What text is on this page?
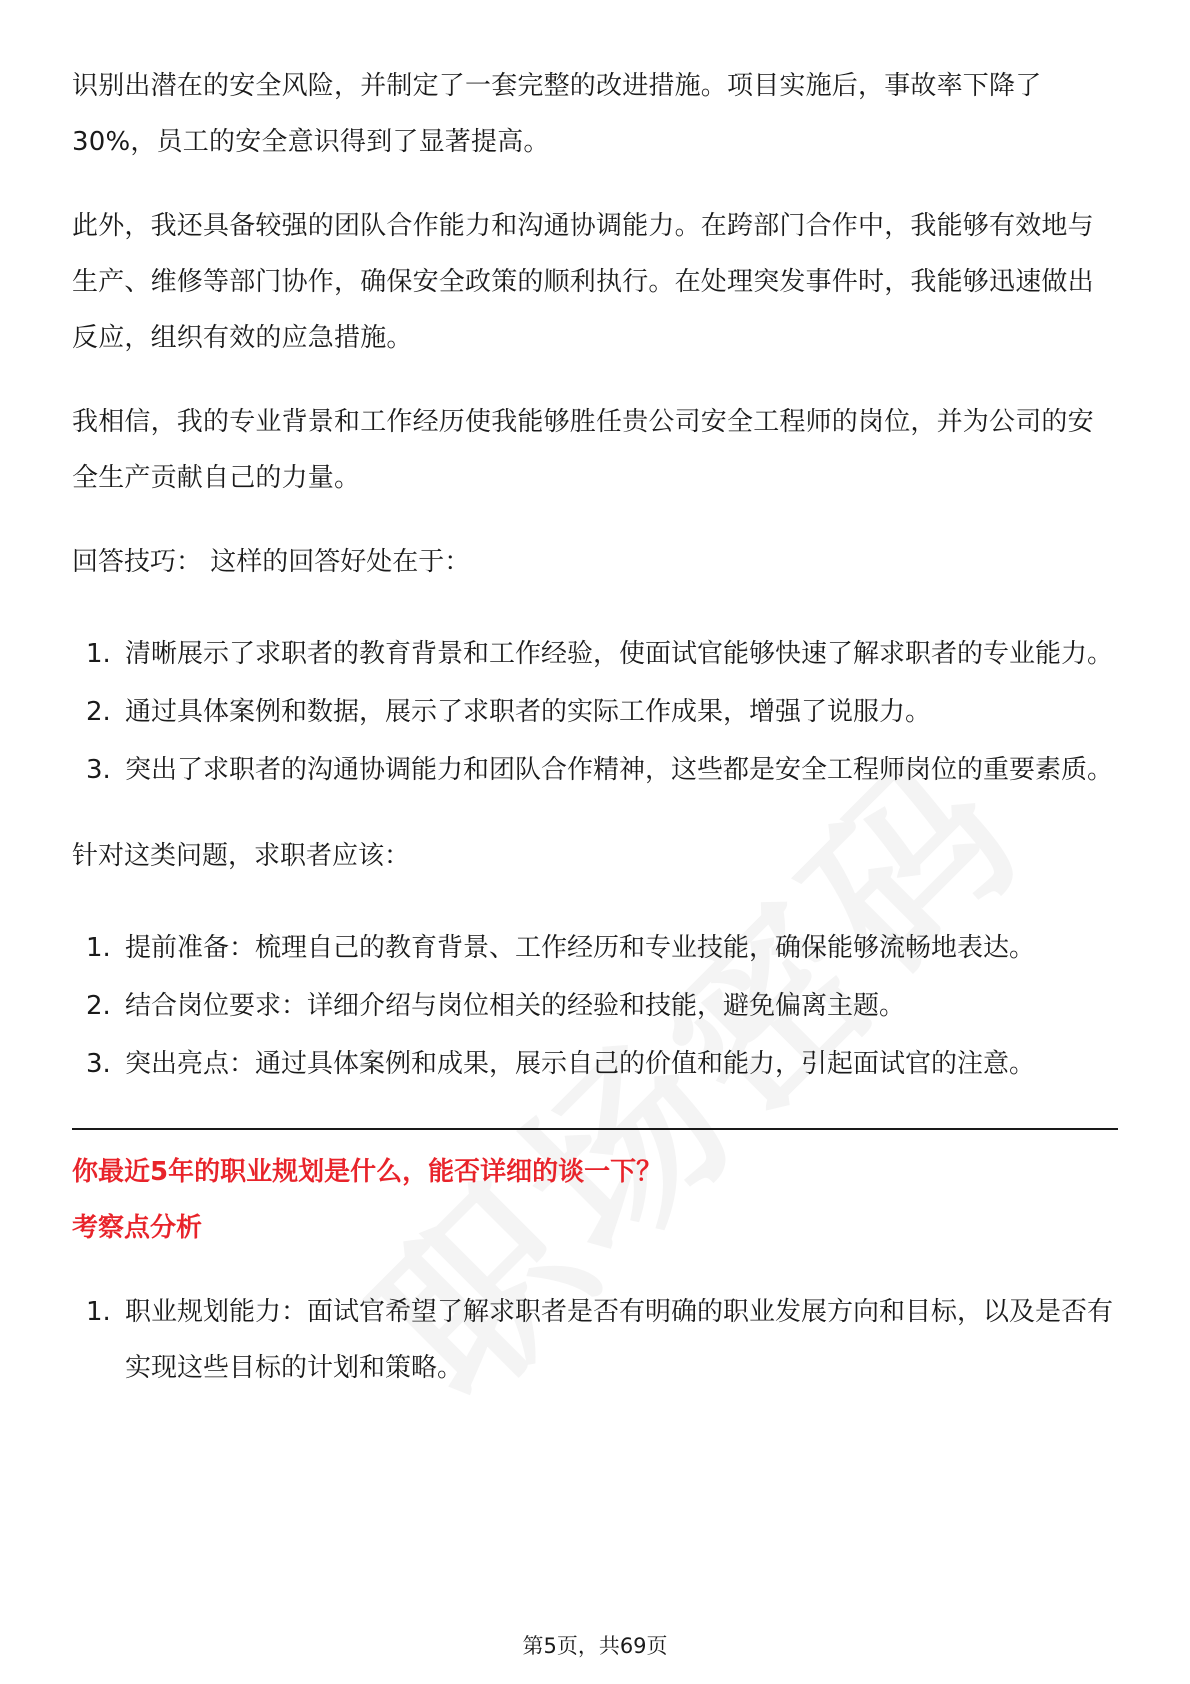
识别出潜在的安全风险，并制定了一套完整的改进措施。项目实施后，事故率下降了30%，员工的安全意识得到了显著提高。

此外，我还具备较强的团队合作能力和沟通协调能力。在跨部门合作中，我能够有效地与生产、维修等部门协作，确保安全政策的顺利执行。在处理突发事件时，我能够迅速做出反应，组织有效的应急措施。

我相信，我的专业背景和工作经历使我能够胜任贵公司安全工程师的岗位，并为公司的安全生产贡献自己的力量。

回答技巧： 这样的回答好处在于：

1. 清晰展示了求职者的教育背景和工作经验，使面试官能够快速了解求职者的专业能力。
2. 通过具体案例和数据，展示了求职者的实际工作成果，增强了说服力。
3. 突出了求职者的沟通协调能力和团队合作精神，这些都是安全工程师岗位的重要素质。

针对这类问题，求职者应该：

1. 提前准备：梳理自己的教育背景、工作经历和专业技能，确保能够流畅地表达。
2. 结合岗位要求：详细介绍与岗位相关的经验和技能，避免偏离主题。
3. 突出亮点：通过具体案例和成果，展示自己的价值和能力，引起面试官的注意。
你最近5年的职业规划是什么，能否详细的谈一下？
考察点分析
1. 职业规划能力：面试官希望了解求职者是否有明确的职业发展方向和目标，以及是否有实现这些目标的计划和策略。
第5页，共69页
